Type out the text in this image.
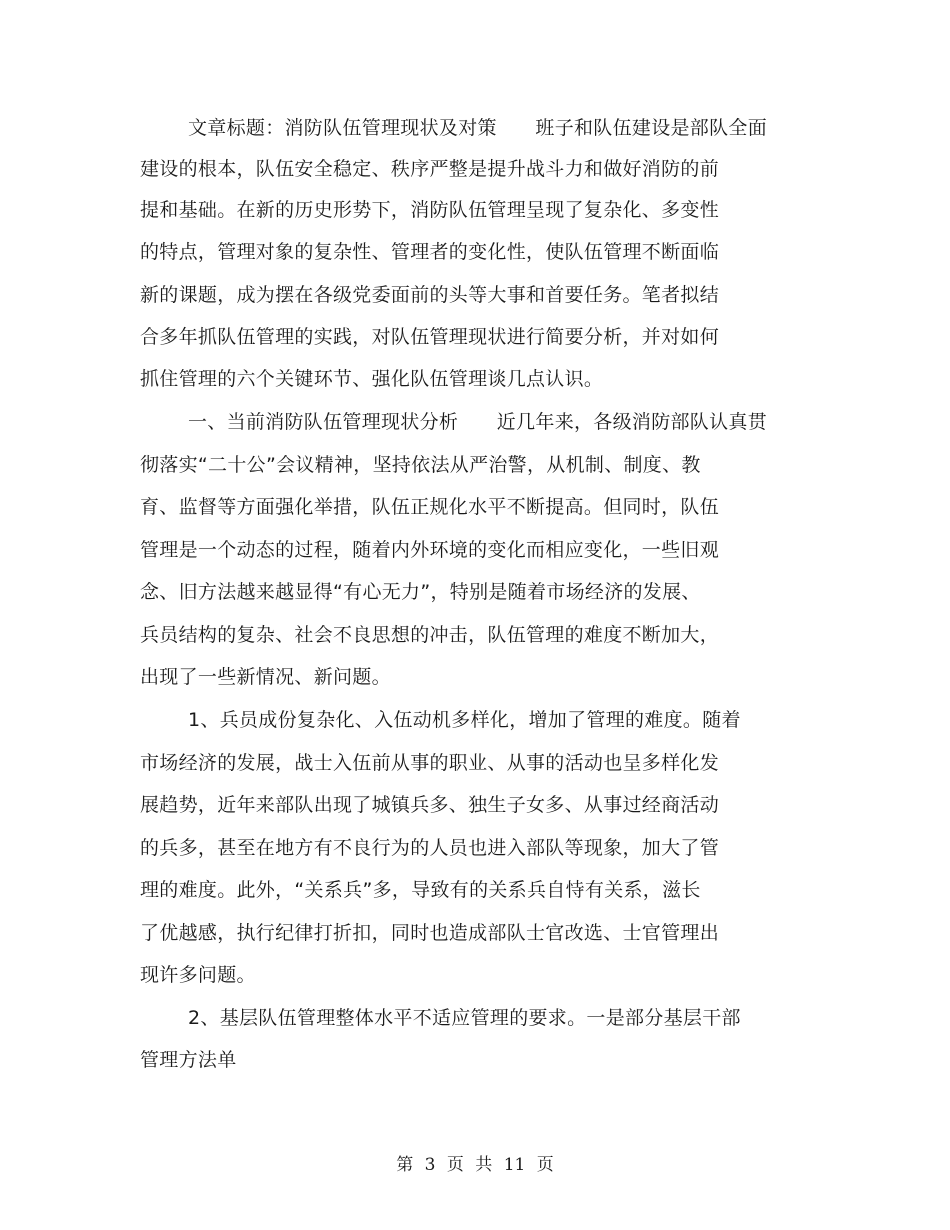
文章标题：消防队伍管理现状及对策　　班子和队伍建设是部队全面
建设的根本，队伍安全稳定、秩序严整是提升战斗力和做好消防的前
提和基础。在新的历史形势下，消防队伍管理呈现了复杂化、多变性
的特点，管理对象的复杂性、管理者的变化性，使队伍管理不断面临
新的课题，成为摆在各级党委面前的头等大事和首要任务。笔者拟结
合多年抓队伍管理的实践，对队伍管理现状进行简要分析，并对如何
抓住管理的六个关键环节、强化队伍管理谈几点认识。
一、当前消防队伍管理现状分析　　近几年来，各级消防部队认真贯
彻落实“二十公”会议精神，坚持依法从严治警，从机制、制度、教
育、监督等方面强化举措，队伍正规化水平不断提高。但同时，队伍
管理是一个动态的过程，随着内外环境的变化而相应变化，一些旧观
念、旧方法越来越显得“有心无力”，特别是随着市场经济的发展、
兵员结构的复杂、社会不良思想的冲击，队伍管理的难度不断加大，
出现了一些新情况、新问题。
1、兵员成份复杂化、入伍动机多样化，增加了管理的难度。随着
市场经济的发展，战士入伍前从事的职业、从事的活动也呈多样化发
展趋势，近年来部队出现了城镇兵多、独生子女多、从事过经商活动
的兵多，甚至在地方有不良行为的人员也进入部队等现象，加大了管
理的难度。此外，“关系兵”多，导致有的关系兵自恃有关系，滋长
了优越感，执行纪律打折扣，同时也造成部队士官改选、士官管理出
现许多问题。
2、基层队伍管理整体水平不适应管理的要求。一是部分基层干部
管理方法单
第 3 页 共 11 页
